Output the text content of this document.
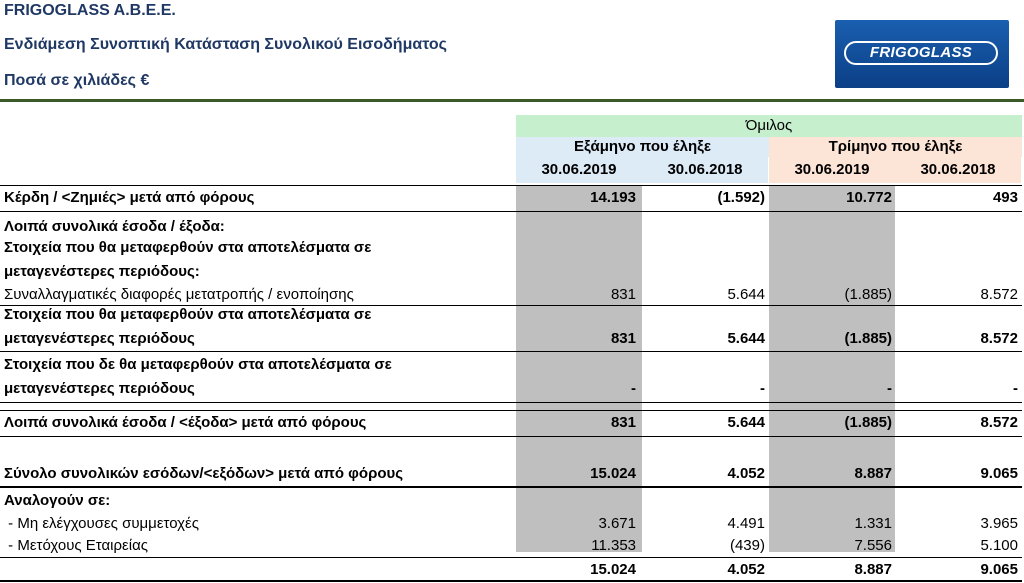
FRIGOGLASS A.B.E.E.
Ενδιάμεση Συνοπτική Κατάσταση Συνολικού Εισοδήματος
Ποσά σε χιλιάδες €
FRIGOGLASS
Όμιλος
Εξάμηνο που έληξε	Τρίμηνο που έληξε
30.06.2019	30.06.2018	30.06.2019	30.06.2018
Κέρδη / <Ζημιές> μετά από φόρους	14.193	(1.592)	10.772	493
Λοιπά συνολικά έσοδα / έξοδα:
Στοιχεία που θα μεταφερθούν στα αποτελέσματα σε
μεταγενέστερες περιόδους:
Συναλλαγματικές διαφορές μετατροπής / ενοποίησης	831	5.644	(1.885)	8.572
Στοιχεία που θα μεταφερθούν στα αποτελέσματα σε
μεταγενέστερες περιόδους	831	5.644	(1.885)	8.572
Στοιχεία που δε θα μεταφερθούν στα αποτελέσματα σε
μεταγενέστερες περιόδους	-	-	-	-
Λοιπά συνολικά έσοδα / <έξοδα> μετά από φόρους	831	5.644	(1.885)	8.572
Σύνολο συνολικών εσόδων/<εξόδων> μετά από φόρους	15.024	4.052	8.887	9.065
Αναλογούν σε:
- Μη ελέγχουσες συμμετοχές	3.671	4.491	1.331	3.965
- Μετόχους Εταιρείας	11.353	(439)	7.556	5.100
15.024	4.052	8.887	9.065
